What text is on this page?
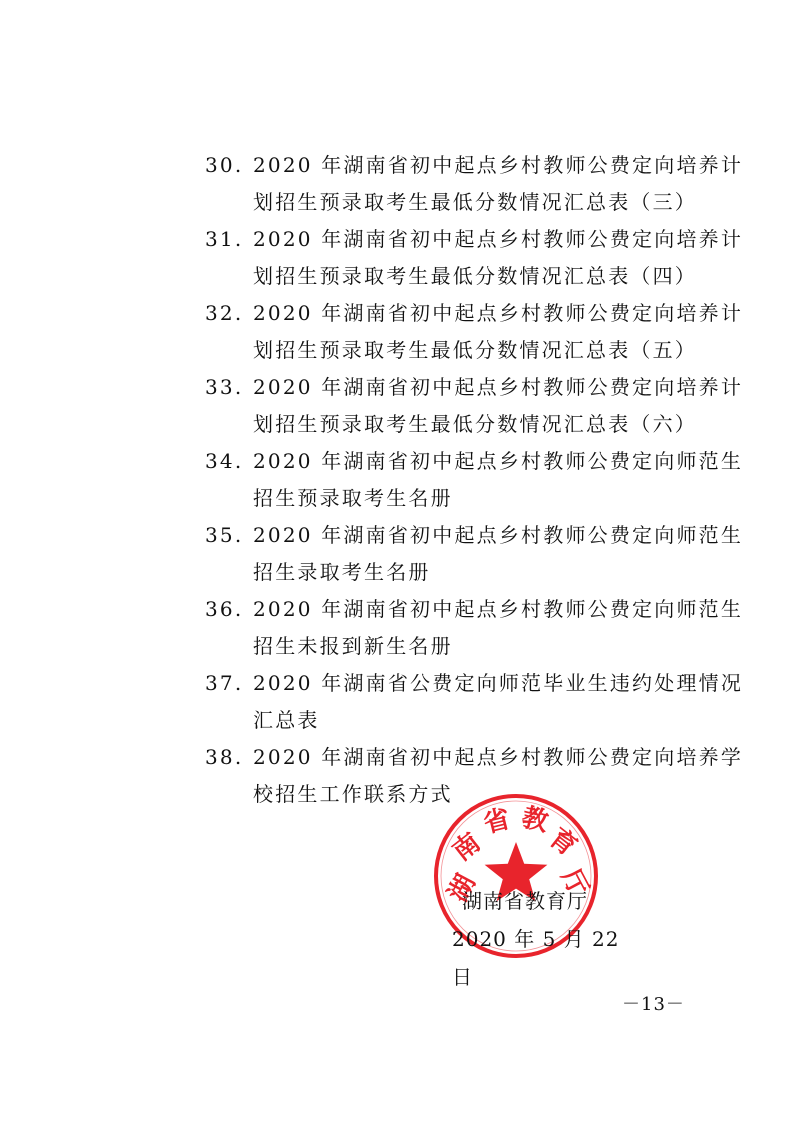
30. 2020 年湖南省初中起点乡村教师公费定向培养计
划招生预录取考生最低分数情况汇总表（三）
31. 2020 年湖南省初中起点乡村教师公费定向培养计
划招生预录取考生最低分数情况汇总表（四）
32. 2020 年湖南省初中起点乡村教师公费定向培养计
划招生预录取考生最低分数情况汇总表（五）
33. 2020 年湖南省初中起点乡村教师公费定向培养计
划招生预录取考生最低分数情况汇总表（六）
34. 2020 年湖南省初中起点乡村教师公费定向师范生
招生预录取考生名册
35. 2020 年湖南省初中起点乡村教师公费定向师范生
招生录取考生名册
36. 2020 年湖南省初中起点乡村教师公费定向师范生
招生未报到新生名册
37. 2020 年湖南省公费定向师范毕业生违约处理情况
汇总表
38. 2020 年湖南省初中起点乡村教师公费定向培养学
校招生工作联系方式
湖
南
省 教
育
厅
湖南省教育厅
2020 年 5 月 22 日
－13－
